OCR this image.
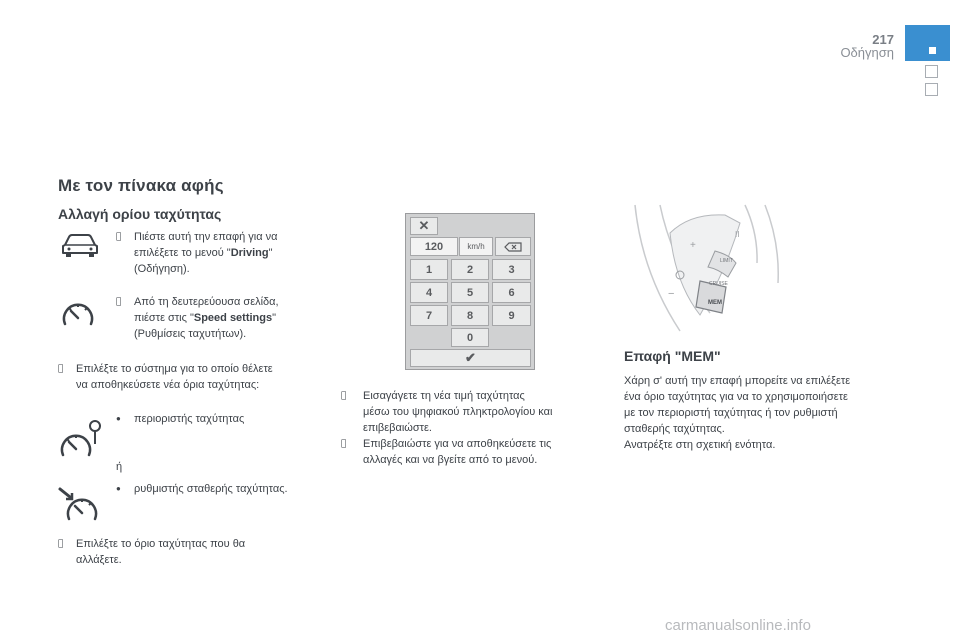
217
Οδήγηση
Με τον πίνακα αφής
Αλλαγή ορίου ταχύτητας
Πιέστε αυτή την επαφή για να
επιλέξετε το μενού "Driving"
(Οδήγηση).
Από τη δευτερεύουσα σελίδα,
πιέστε στις "Speed settings"
(Ρυθμίσεις ταχυτήτων).
Επιλέξτε το σύστημα για το οποίο θέλετε
να αποθηκεύσετε νέα όρια ταχύτητας:
● περιοριστής ταχύτητας
ή
● ρυθμιστής σταθερής ταχύτητας.
Επιλέξτε το όριο ταχύτητας που θα
αλλάξετε.
✕
120	km/h
1	2	3
4	5	6
7	8	9
0
✔
Εισαγάγετε τη νέα τιμή ταχύτητας
μέσω του ψηφιακού πληκτρολογίου και
επιβεβαιώστε.
Επιβεβαιώστε για να αποθηκεύσετε τις
αλλαγές και να βγείτε από το μενού.
II
+
−
LIMIT
CRUISE
MEM
Επαφή "MEM"
Χάρη σ' αυτή την επαφή μπορείτε να επιλέξετε
ένα όριο ταχύτητας για να το χρησιμοποιήσετε
με τον περιοριστή ταχύτητας ή τον ρυθμιστή
σταθερής ταχύτητας.
Ανατρέξτε στη σχετική ενότητα.
carmanualsonline.info
